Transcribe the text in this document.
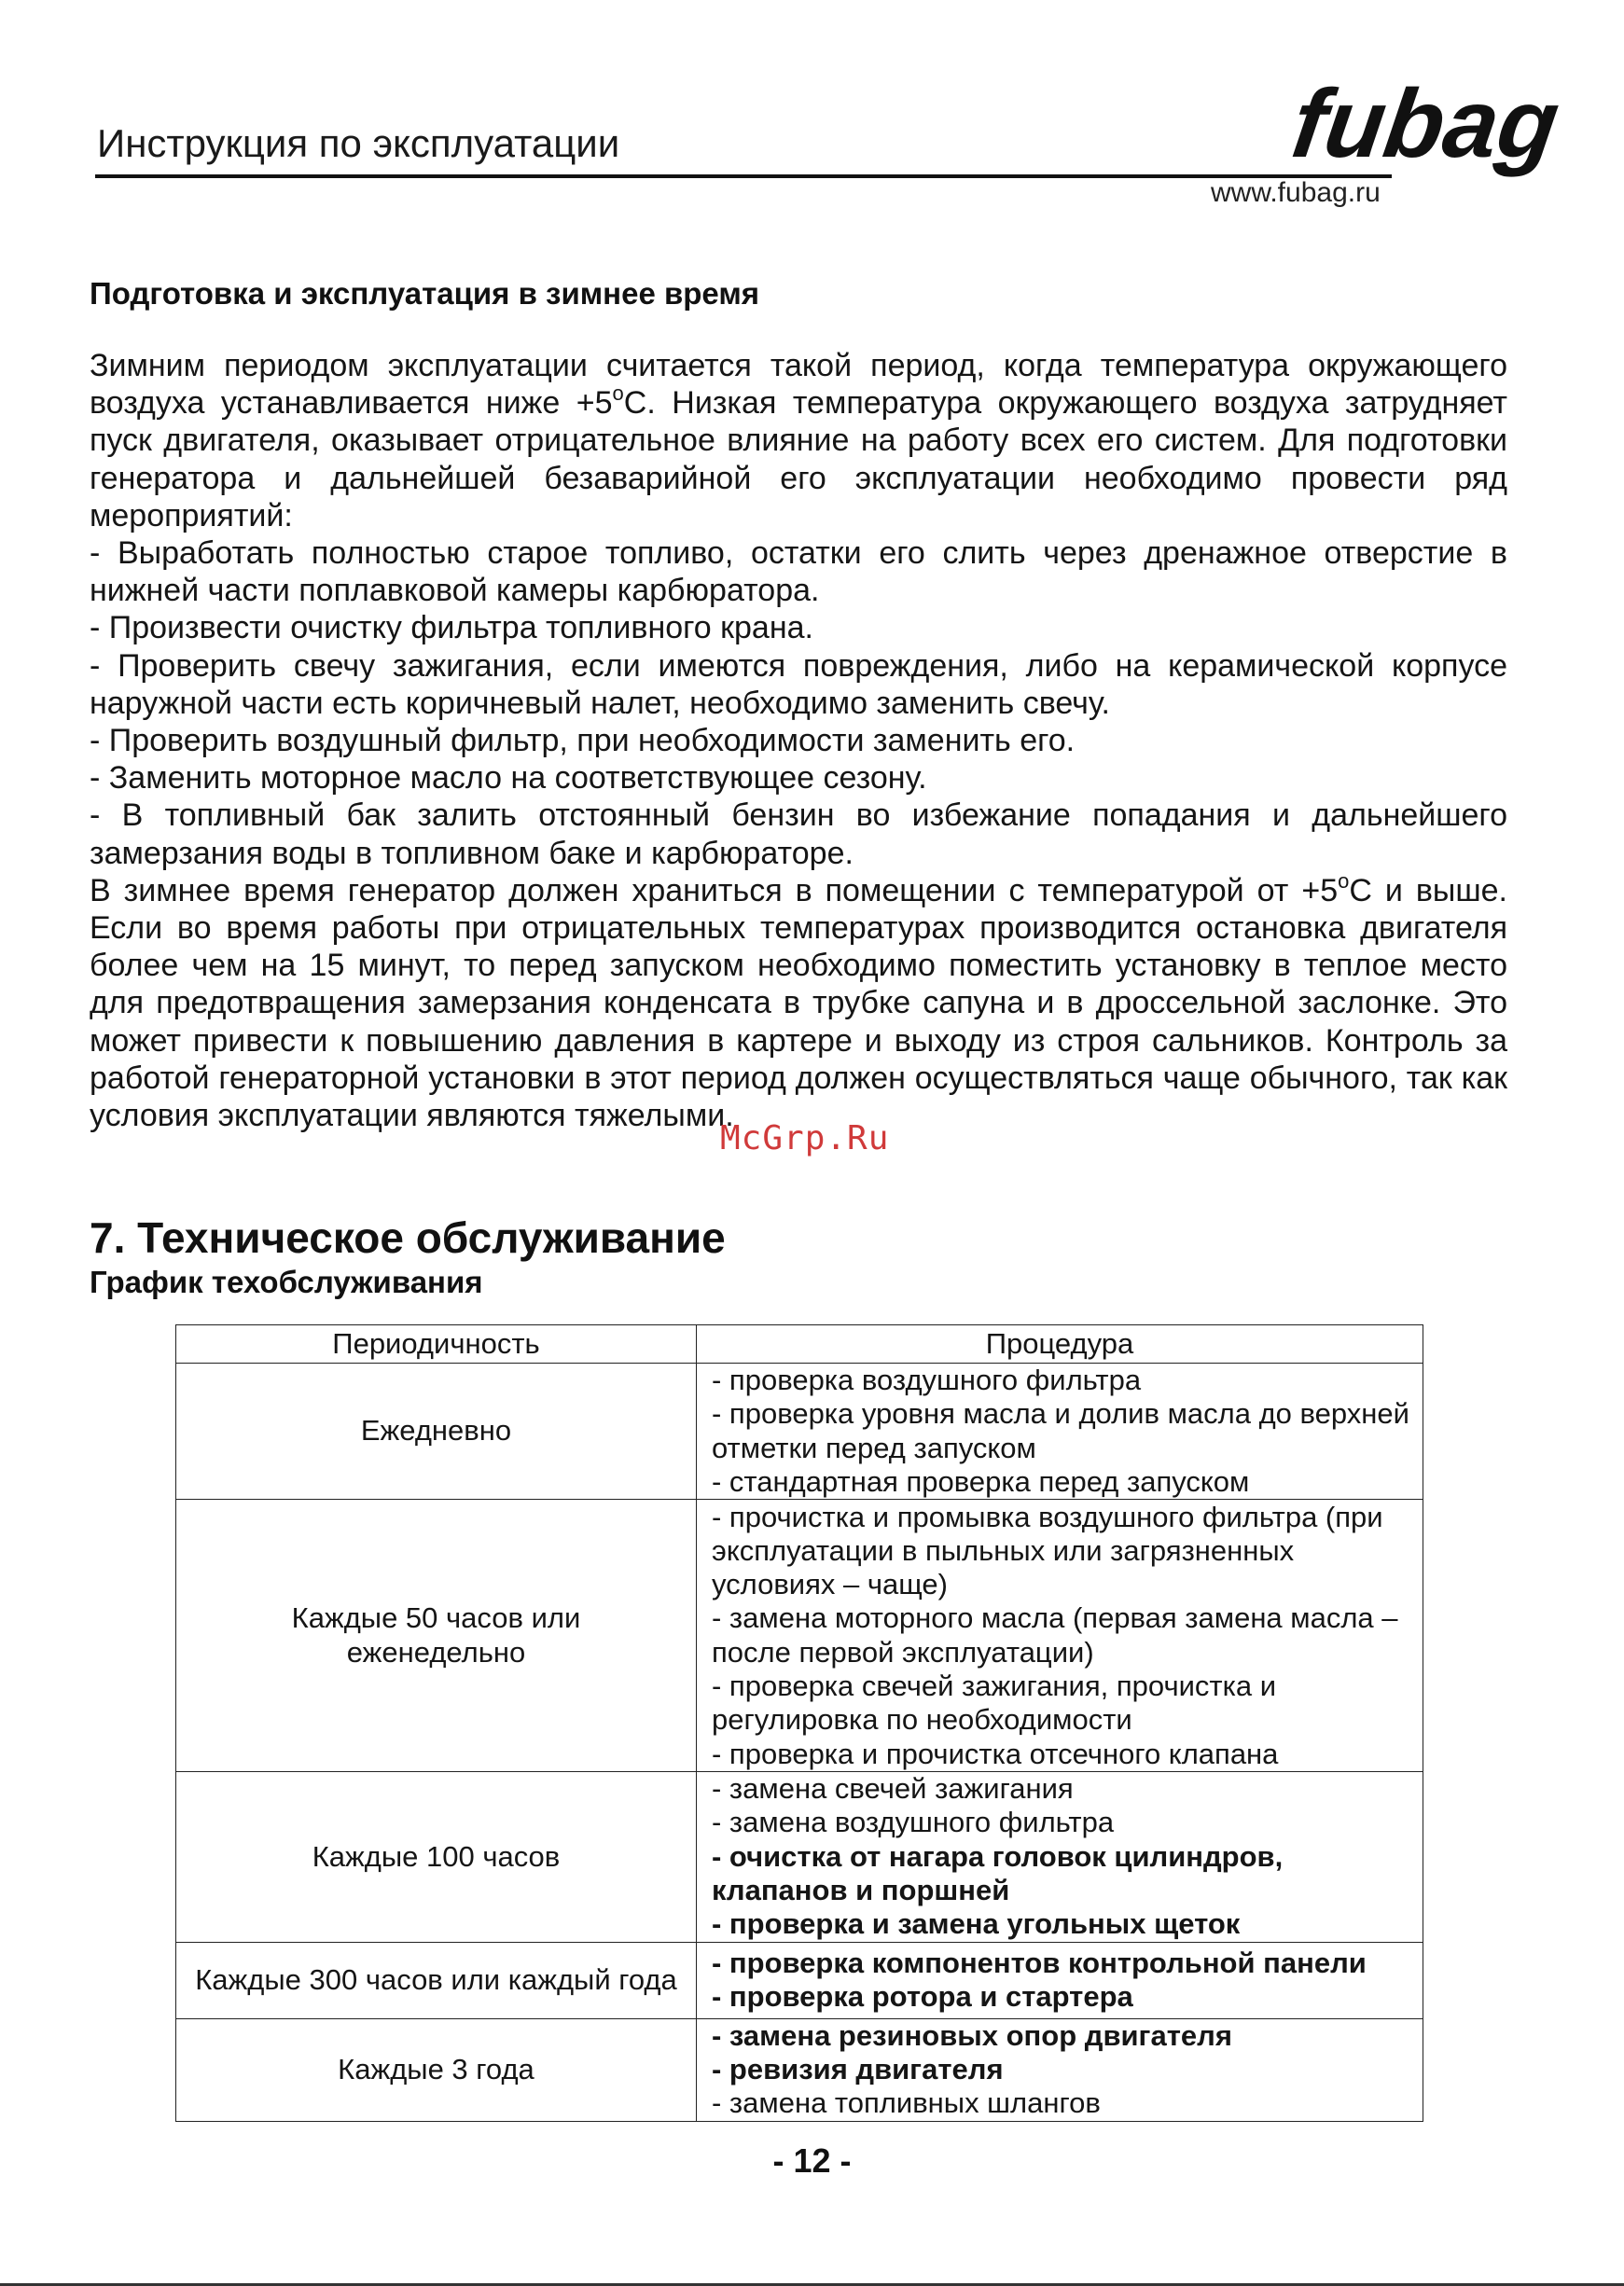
Инструкция по эксплуатации	fubag
www.fubag.ru
Подготовка и эксплуатация в зимнее время

Зимним периодом эксплуатации считается такой период, когда температура окружающего воздуха устанавливается ниже $+5^oC$. Низкая температура окружающего воздуха затрудняет пуск двигателя, оказывает отрицательное влияние на работу всех его систем. Для подготовки генератора и дальнейшей безаварийной его эксплуатации необходимо провести ряд мероприятий:

- Выработать полностью старое топливо, остатки его слить через дренажное отверстие в нижней части поплавковой камеры карбюратора.

- Произвести очистку фильтра топливного крана.

- Проверить свечу зажигания, если имеются повреждения, либо на керамической корпусе наружной части есть коричневый налет, необходимо заменить свечу.

- Проверить воздушный фильтр, при необходимости заменить его.

- Заменить моторное масло на соответствующее сезону.

- В топливный бак залить отстоянный бензин во избежание попадания и дальнейшего замерзания воды в топливном баке и карбюраторе.

В зимнее время генератор должен храниться в помещении с температурой от $+5^oC$ и выше. Если во время работы при отрицательных температурах производится остановка двигателя более чем на 15 минут, то перед запуском необходимо поместить установку в теплое место для предотвращения замерзания конденсата в трубке сапуна и в дроссельной заслонке. Это может привести к повышению давления в картере и выходу из строя сальников. Контроль за работой генераторной установки в этот период должен осуществляться чаще обычного, так как условия эксплуатации являются тяжелыми.

McGrp.Ru
7. Техническое обслуживание
График техобслуживания
Периодичность	Процедура
Ежедневно	- проверка воздушного фильтра
- проверка уровня масла и долив масла до верхней отметки перед запуском
- стандартная проверка перед запуском

Каждые 50 часов или еженедельно	- прочистка и промывка воздушного фильтра (при эксплуатации в пыльных или загрязненных условиях – чаще)
- замена моторного масла (первая замена масла – после первой эксплуатации)
- проверка свечей зажигания, прочистка и регулировка по необходимости
- проверка и прочистка отсечного клапана

Каждые 100 часов	- замена свечей зажигания
- замена воздушного фильтра
- очистка от нагара головок цилиндров, клапанов и поршней
- проверка и замена угольных щеток

Каждые 300 часов или каждый года	- проверка компонентов контрольной панели
- проверка ротора и стартера

Каждые 3 года	- замена резиновых опор двигателя
- ревизия двигателя
- замена топливных шлангов
- 12 -
